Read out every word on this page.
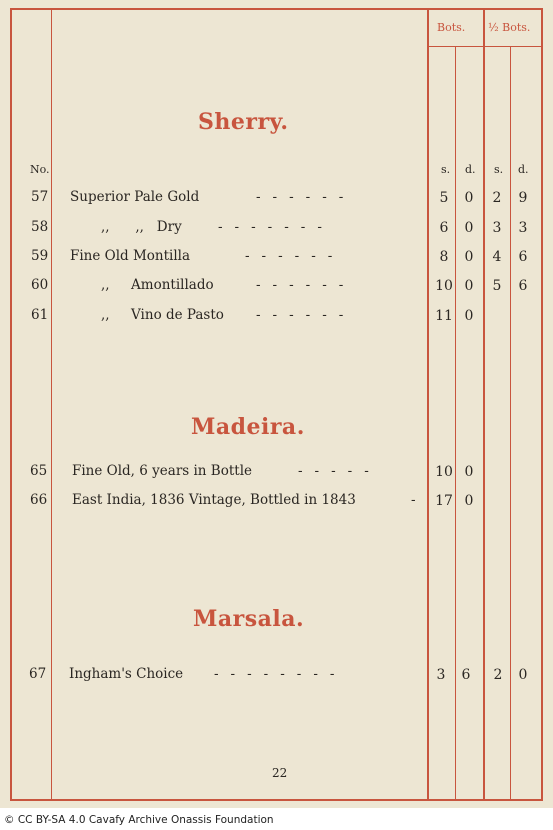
Bots. ½ Bots.
No.	s. d. s. d.
Sherry.
Madeira.
Marsala.
57 Superior Pale Gold	------	5	0	2	9
58	,,      ,,   Dry	-------	6	0	3	3
59 Fine Old Montilla	------	8	0	4	6
60	,,     Amontillado	------	10 0	5	6
61	,,     Vino de Pasto ------	11 0
65 Fine Old, 6 years in Bottle	-----	10 0
66 East India, 1836 Vintage, Bottled in 1843	- 17 0
67 Ingham's Choice --------	3	6	2	0
22
© CC BY-SA 4.0 Cavafy Archive Onassis Foundation
